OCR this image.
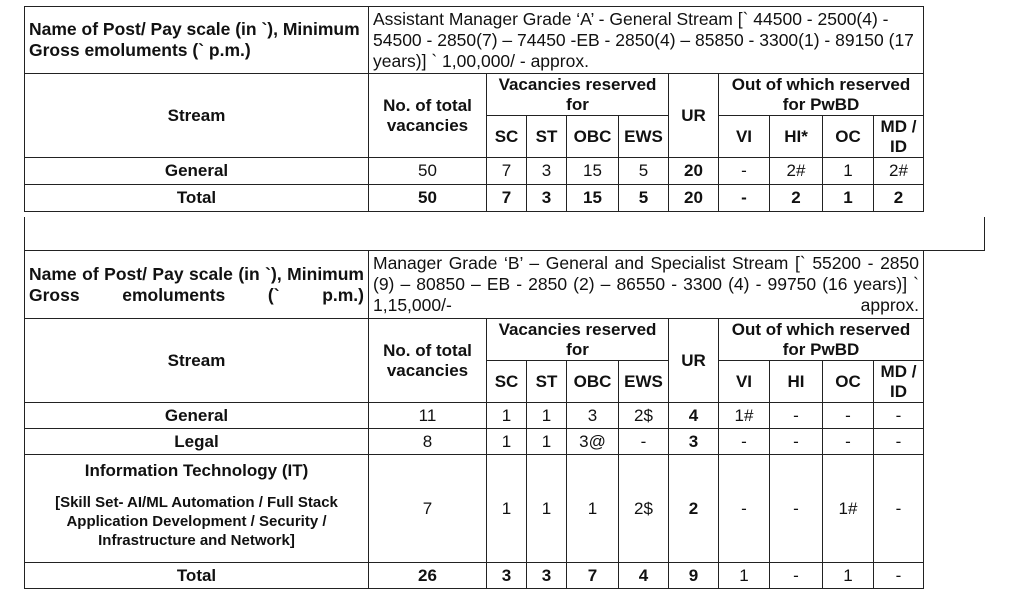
Name of Post/ Pay scale (in `), Minimum Gross emoluments (` p.m.)	Assistant Manager Grade ‘A’ - General Stream [` 44500 - 2500(4) - 54500 - 2850(7) – 74450 -EB - 2850(4) – 85850 - 3300(1) - 89150 (17 years)] ` 1,00,000/ - approx.									
Stream	No. of total vacancies	Vacancies reserved for				UR	Out of which reserved for PwBD			
		SC	ST	OBC	EWS		VI	HI*	OC	MD / ID
General	50	7	3	15	5	20	-	2#	1	2#
Total	50	7	3	15	5	20	-	2	1	2
Name of Post/ Pay scale (in `), Minimum Gross emoluments (` p.m.)	Manager Grade ‘B’ – General and Specialist Stream [` 55200 - 2850 (9) – 80850 – EB - 2850 (2) – 86550 - 3300 (4) - 99750 (16 years)] ` 1,15,000/- approx.									
Stream	No. of total vacancies	Vacancies reserved for				UR	Out of which reserved for PwBD			
		SC	ST	OBC	EWS		VI	HI	OC	MD / ID
General	11	1	1	3	2$	4	1#	-	-	-
Legal	8	1	1	3@	-	3	-	-	-	-

Information Technology (IT)
[Skill Set- AI/ML Automation / Full Stack Application Development / Security / Infrastructure and Network]	7	1	1	1	2$	2	-	-	1#	-
Total	26	3	3	7	4	9	1	-	1	-
